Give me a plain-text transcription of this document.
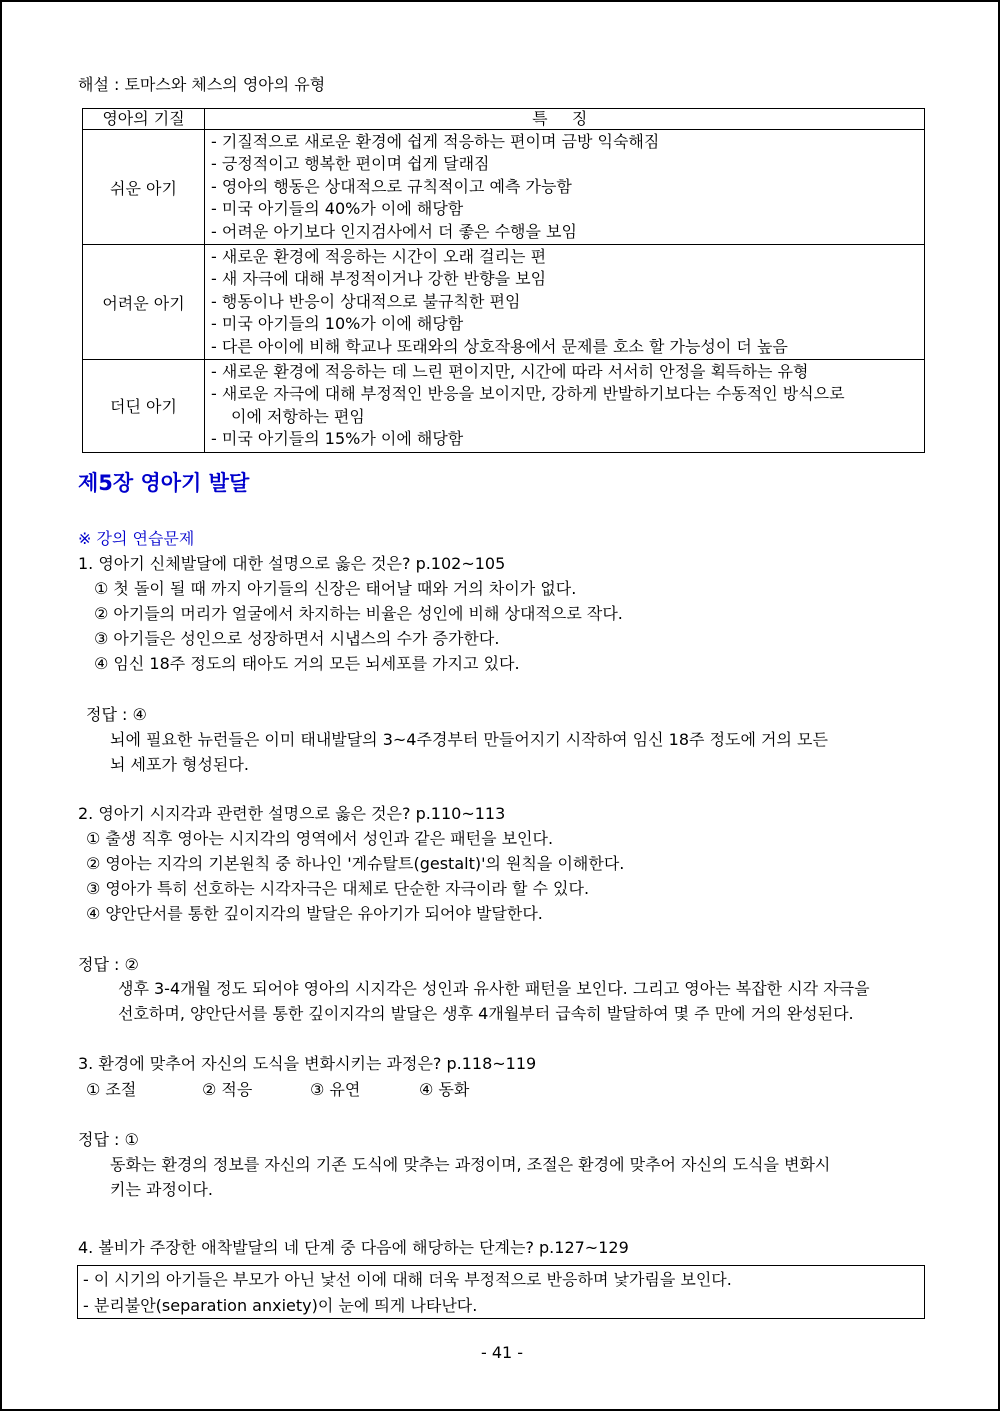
해설 : 토마스와 체스의 영아의 유형
영아의 기질	특 징
쉬운 아기	- 기질적으로 새로운 환경에 쉽게 적응하는 편이며 금방 익숙해짐
- 긍정적이고 행복한 편이며 쉽게 달래짐
- 영아의 행동은 상대적으로 규칙적이고 예측 가능함
- 미국 아기들의 40%가 이에 해당함
- 어려운 아기보다 인지검사에서 더 좋은 수행을 보임

어려운 아기	- 새로운 환경에 적응하는 시간이 오래 걸리는 편
- 새 자극에 대해 부정적이거나 강한 반향을 보임
- 행동이나 반응이 상대적으로 불규칙한 편임
- 미국 아기들의 10%가 이에 해당함
- 다른 아이에 비해 학교나 또래와의 상호작용에서 문제를 호소 할 가능성이 더 높음

더딘 아기	- 새로운 환경에 적응하는 데 느린 편이지만, 시간에 따라 서서히 안정을 획득하는 유형
- 새로운 자극에 대해 부정적인 반응을 보이지만, 강하게 반발하기보다는 수동적인 방식으로
이에 저항하는 편임
- 미국 아기들의 15%가 이에 해당함
제5장 영아기 발달
※ 강의 연습문제
1. 영아기 신체발달에 대한 설명으로 옳은 것은? p.102~105
① 첫 돌이 될 때 까지 아기들의 신장은 태어날 때와 거의 차이가 없다.
② 아기들의 머리가 얼굴에서 차지하는 비율은 성인에 비해 상대적으로 작다.
③ 아기들은 성인으로 성장하면서 시냅스의 수가 증가한다.
④ 임신 18주 정도의 태아도 거의 모든 뇌세포를 가지고 있다.
정답 : ④
뇌에 필요한 뉴런들은 이미 태내발달의 3~4주경부터 만들어지기 시작하여 임신 18주 정도에 거의 모든
뇌 세포가 형성된다.
2. 영아기 시지각과 관련한 설명으로 옳은 것은? p.110~113
① 출생 직후 영아는 시지각의 영역에서 성인과 같은 패턴을 보인다.
② 영아는 지각의 기본원칙 중 하나인 '게슈탈트(gestalt)'의 원칙을 이해한다.
③ 영아가 특히 선호하는 시각자극은 대체로 단순한 자극이라 할 수 있다.
④ 양안단서를 통한 깊이지각의 발달은 유아기가 되어야 발달한다.
정답 : ②
생후 3-4개월 정도 되어야 영아의 시지각은 성인과 유사한 패턴을 보인다. 그리고 영아는 복잡한 시각 자극을
선호하며, 양안단서를 통한 깊이지각의 발달은 생후 4개월부터 급속히 발달하여 몇 주 만에 거의 완성된다.
3. 환경에 맞추어 자신의 도식을 변화시키는 과정은? p.118~119
① 조절	② 적응	③ 유연	④ 동화
정답 : ①
동화는 환경의 정보를 자신의 기존 도식에 맞추는 과정이며, 조절은 환경에 맞추어 자신의 도식을 변화시
키는 과정이다.
4. 볼비가 주장한 애착발달의 네 단계 중 다음에 해당하는 단계는? p.127~129
- 이 시기의 아기들은 부모가 아닌 낯선 이에 대해 더욱 부정적으로 반응하며 낯가림을 보인다.
- 분리불안(separation anxiety)이 눈에 띄게 나타난다.
- 41 -
